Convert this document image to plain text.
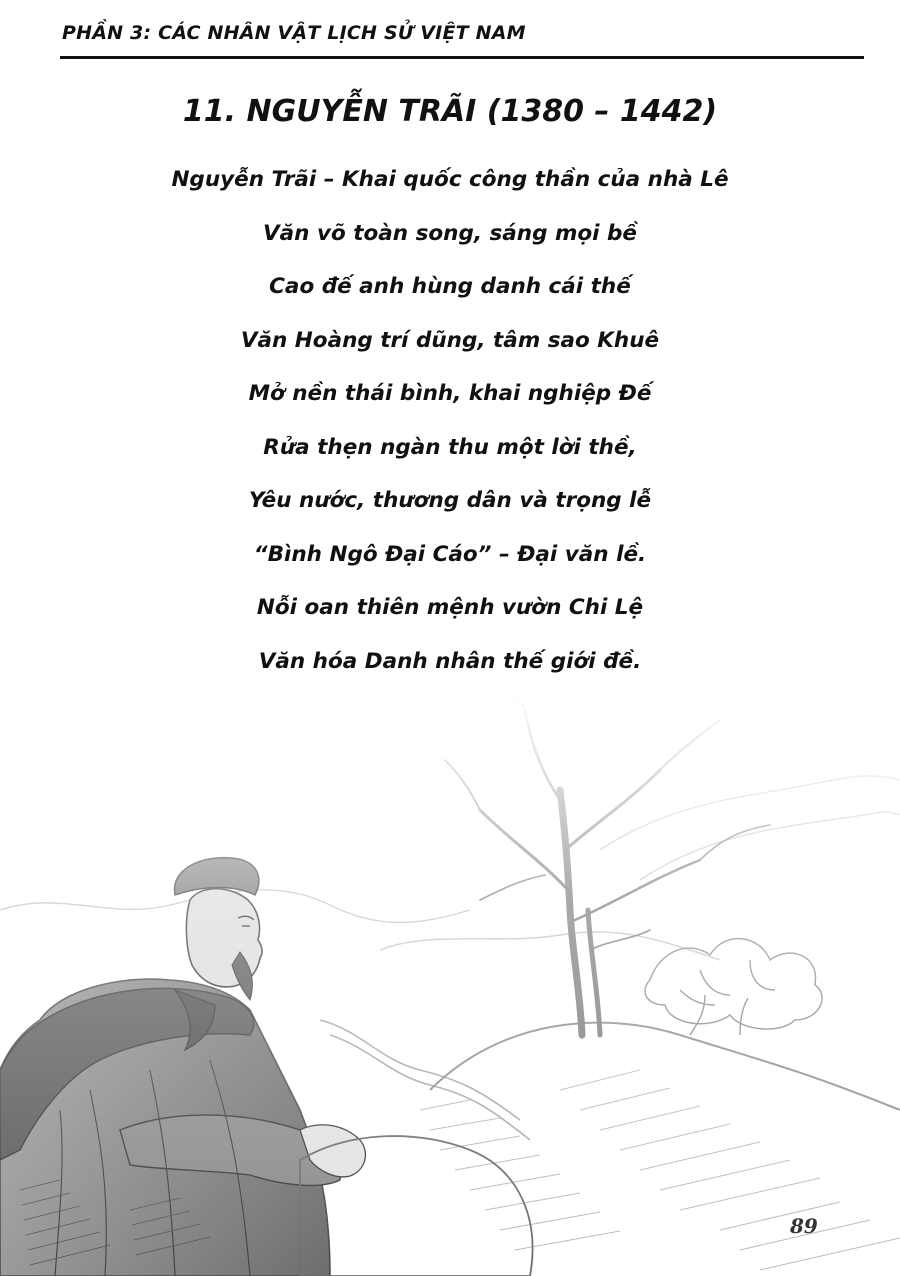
PHẦN 3: CÁC NHÂN VẬT LỊCH SỬ VIỆT NAM
11. NGUYỄN TRÃI (1380 – 1442)
Nguyễn Trãi – Khai quốc công thần của nhà Lê
Văn võ toàn song, sáng mọi bề
Cao đế anh hùng danh cái thế
Văn Hoàng trí dũng, tâm sao Khuê
Mở nền thái bình, khai nghiệp Đế
Rửa thẹn ngàn thu một lời thề,
Yêu nước, thương dân và trọng lễ
“Bình Ngô Đại Cáo” – Đại văn lề.
Nỗi oan thiên mệnh vườn Chi Lệ
Văn hóa Danh nhân thế giới đề.
89
